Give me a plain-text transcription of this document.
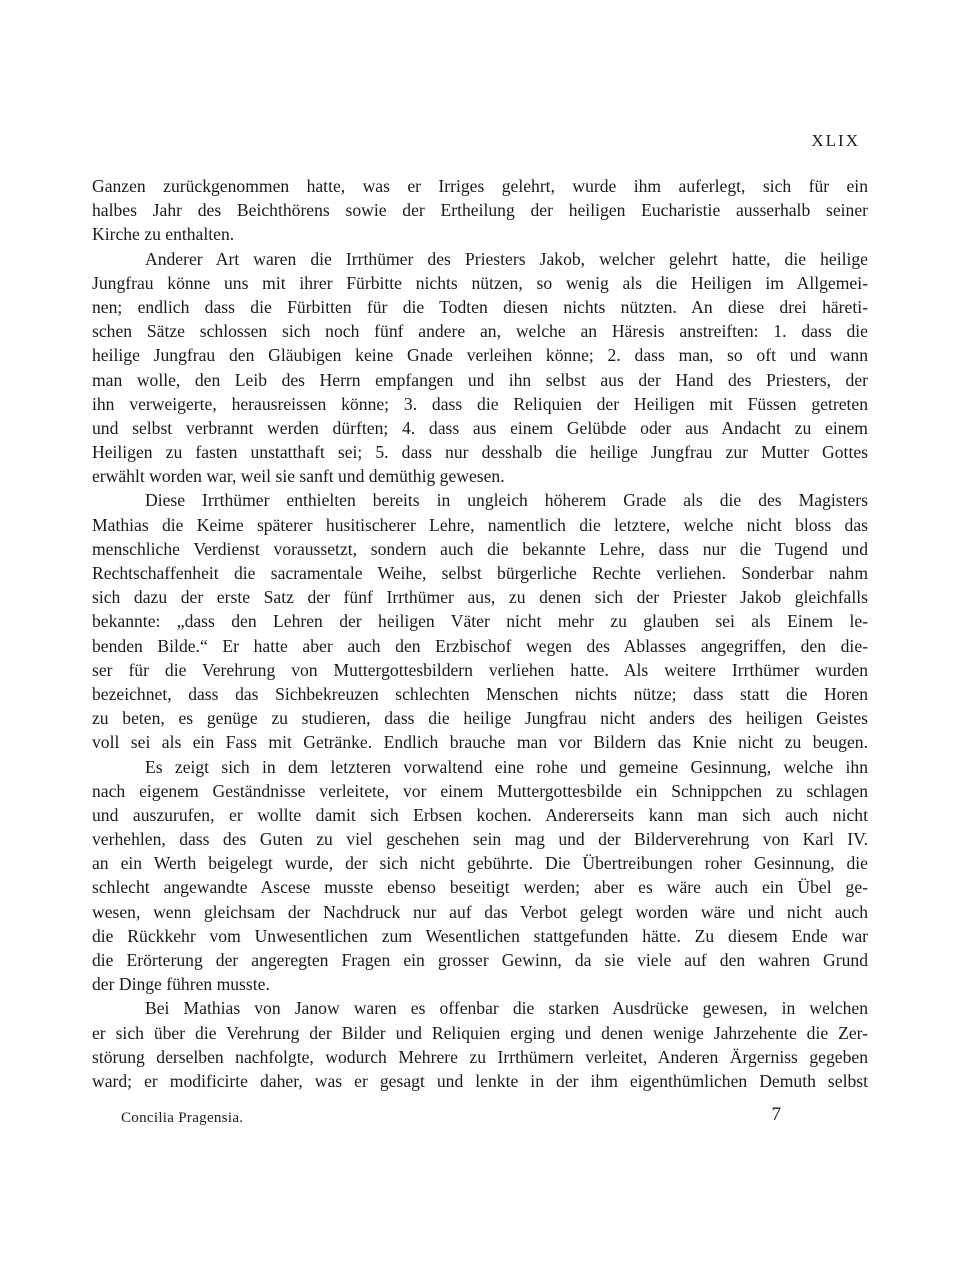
XLIX
Ganzen zurückgenommen hatte, was er Irriges gelehrt, wurde ihm auferlegt, sich für ein
halbes Jahr des Beichthörens sowie der Ertheilung der heiligen Eucharistie ausserhalb seiner
Kirche zu enthalten.
Anderer Art waren die Irrthümer des Priesters Jakob, welcher gelehrt hatte, die heilige
Jungfrau könne uns mit ihrer Fürbitte nichts nützen, so wenig als die Heiligen im Allgemei-
nen; endlich dass die Fürbitten für die Todten diesen nichts nützten. An diese drei häreti-
schen Sätze schlossen sich noch fünf andere an, welche an Häresis anstreiften: 1. dass die
heilige Jungfrau den Gläubigen keine Gnade verleihen könne; 2. dass man, so oft und wann
man wolle, den Leib des Herrn empfangen und ihn selbst aus der Hand des Priesters, der
ihn verweigerte, herausreissen könne; 3. dass die Reliquien der Heiligen mit Füssen getreten
und selbst verbrannt werden dürften; 4. dass aus einem Gelübde oder aus Andacht zu einem
Heiligen zu fasten unstatthaft sei; 5. dass nur desshalb die heilige Jungfrau zur Mutter Gottes
erwählt worden war, weil sie sanft und demüthig gewesen.
Diese Irrthümer enthielten bereits in ungleich höherem Grade als die des Magisters
Mathias die Keime späterer husitischerer Lehre, namentlich die letztere, welche nicht bloss das
menschliche Verdienst voraussetzt, sondern auch die bekannte Lehre, dass nur die Tugend und
Rechtschaffenheit die sacramentale Weihe, selbst bürgerliche Rechte verliehen. Sonderbar nahm
sich dazu der erste Satz der fünf Irrthümer aus, zu denen sich der Priester Jakob gleichfalls
bekannte: „dass den Lehren der heiligen Väter nicht mehr zu glauben sei als Einem le-
benden Bilde.“ Er hatte aber auch den Erzbischof wegen des Ablasses angegriffen, den die-
ser für die Verehrung von Muttergottesbildern verliehen hatte. Als weitere Irrthümer wurden
bezeichnet, dass das Sichbekreuzen schlechten Menschen nichts nütze; dass statt die Horen
zu beten, es genüge zu studieren, dass die heilige Jungfrau nicht anders des heiligen Geistes
voll sei als ein Fass mit Getränke. Endlich brauche man vor Bildern das Knie nicht zu beugen.
Es zeigt sich in dem letzteren vorwaltend eine rohe und gemeine Gesinnung, welche ihn
nach eigenem Geständnisse verleitete, vor einem Muttergottesbilde ein Schnippchen zu schlagen
und auszurufen, er wollte damit sich Erbsen kochen. Andererseits kann man sich auch nicht
verhehlen, dass des Guten zu viel geschehen sein mag und der Bilderverehrung von Karl IV.
an ein Werth beigelegt wurde, der sich nicht gebührte. Die Übertreibungen roher Gesinnung, die
schlecht angewandte Ascese musste ebenso beseitigt werden; aber es wäre auch ein Übel ge-
wesen, wenn gleichsam der Nachdruck nur auf das Verbot gelegt worden wäre und nicht auch
die Rückkehr vom Unwesentlichen zum Wesentlichen stattgefunden hätte. Zu diesem Ende war
die Erörterung der angeregten Fragen ein grosser Gewinn, da sie viele auf den wahren Grund
der Dinge führen musste.
Bei Mathias von Janow waren es offenbar die starken Ausdrücke gewesen, in welchen
er sich über die Verehrung der Bilder und Reliquien erging und denen wenige Jahrzehente die Zer-
störung derselben nachfolgte, wodurch Mehrere zu Irrthümern verleitet, Anderen Ärgerniss gegeben
ward; er modificirte daher, was er gesagt und lenkte in der ihm eigenthümlichen Demuth selbst
Concilia Pragensia.	7
